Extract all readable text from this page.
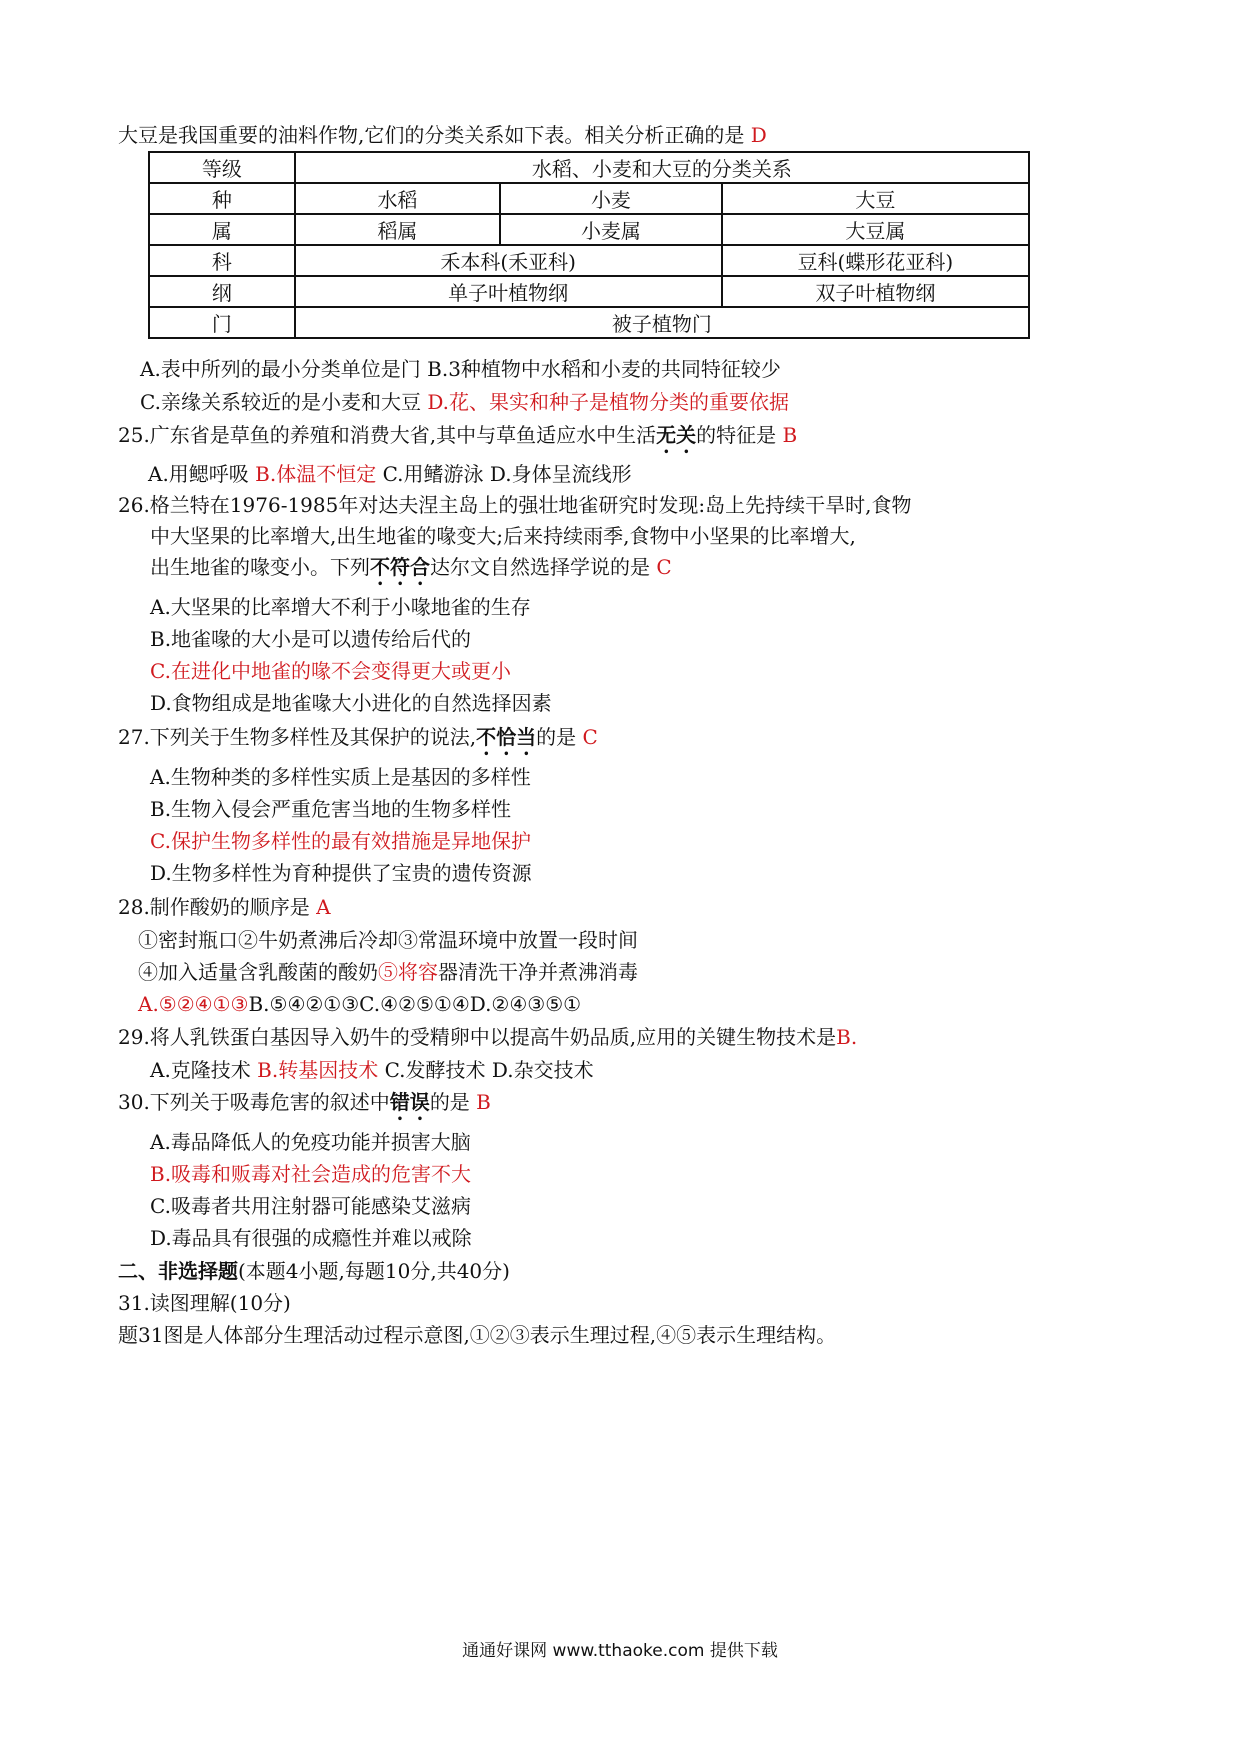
大豆是我国重要的油料作物,它们的分类关系如下表。相关分析正确的是 D
等级	水稻、小麦和大豆的分类关系		
种	水稻	小麦	大豆
属	稻属	小麦属	大豆属
科	禾本科(禾亚科)		豆科(蝶形花亚科)
纲	单子叶植物纲		双子叶植物纲
门	被子植物门		
A.表中所列的最小分类单位是门 B.3种植物中水稻和小麦的共同特征较少
C.亲缘关系较近的是小麦和大豆 D.花、果实和种子是植物分类的重要依据
25.广东省是草鱼的养殖和消费大省,其中与草鱼适应水中生活无关的特征是 B
A.用鳃呼吸 B.体温不恒定 C.用鳍游泳 D.身体呈流线形
26.格兰特在1976-1985年对达夫涅主岛上的强壮地雀研究时发现:岛上先持续干旱时,食物
中大坚果的比率增大,出生地雀的喙变大;后来持续雨季,食物中小坚果的比率增大,
出生地雀的喙变小。下列不符合达尔文自然选择学说的是 C
A.大坚果的比率增大不利于小喙地雀的生存
B.地雀喙的大小是可以遗传给后代的
C.在进化中地雀的喙不会变得更大或更小
D.食物组成是地雀喙大小进化的自然选择因素
27.下列关于生物多样性及其保护的说法,不恰当的是 C
A.生物种类的多样性实质上是基因的多样性
B.生物入侵会严重危害当地的生物多样性
C.保护生物多样性的最有效措施是异地保护
D.生物多样性为育种提供了宝贵的遗传资源
28.制作酸奶的顺序是 A
①密封瓶口②牛奶煮沸后冷却③常温环境中放置一段时间
④加入适量含乳酸菌的酸奶⑤将容器清洗干净并煮沸消毒
A.⑤②④①③B.⑤④②①③C.④②⑤①④D.②④③⑤①
29.将人乳铁蛋白基因导入奶牛的受精卵中以提高牛奶品质,应用的关键生物技术是B.
A.克隆技术 B.转基因技术 C.发酵技术 D.杂交技术
30.下列关于吸毒危害的叙述中错误的是 B
A.毒品降低人的免疫功能并损害大脑
B.吸毒和贩毒对社会造成的危害不大
C.吸毒者共用注射器可能感染艾滋病
D.毒品具有很强的成瘾性并难以戒除
二、非选择题(本题4小题,每题10分,共40分)
31.读图理解(10分)
题31图是人体部分生理活动过程示意图,①②③表示生理过程,④⑤表示生理结构。
通通好课网 www.tthaoke.com 提供下载
